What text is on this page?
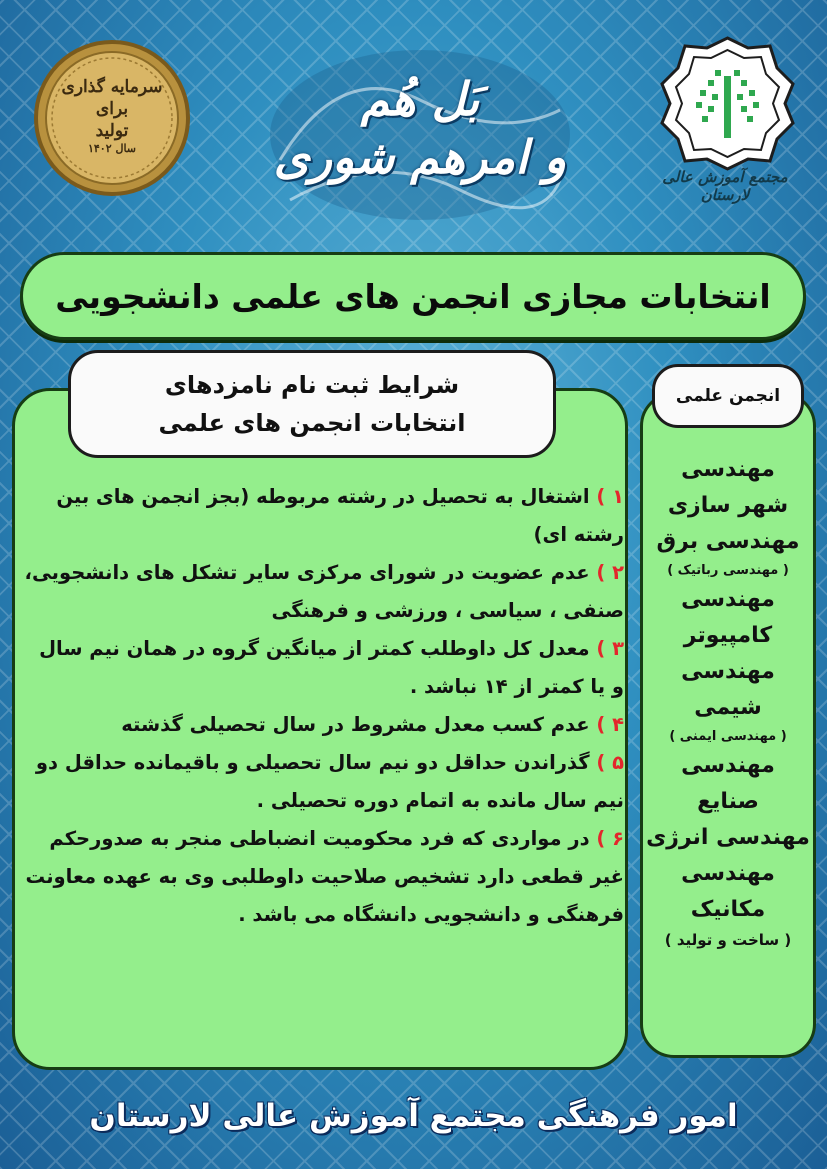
سرمایه گذاری
برای
تولید
سال ۱۴۰۲
بَل هُم
و امرهم شوری	مجتمع آموزش عالی لارستان
انتخابات مجازی انجمن های علمی دانشجویی
شرایط ثبت نام نامزدهای
انتخابات انجمن های علمی
۱ ) اشتغال به تحصیل در رشته مربوطه (بجز انجمن های بین رشته ای)
۲ ) عدم عضویت در شورای مرکزی سایر تشکل های دانشجویی، صنفی ، سیاسی ، ورزشی و فرهنگی
۳ ) معدل کل داوطلب کمتر از میانگین گروه در همان نیم سال و یا کمتر از ۱۴ نباشد .
۴ ) عدم کسب معدل مشروط در سال تحصیلی گذشته
۵ ) گذراندن حداقل دو نیم سال تحصیلی و باقیمانده حداقل دو نیم سال مانده به اتمام دوره تحصیلی .
۶ ) در مواردی که فرد محکومیت انضباطی منجر به صدورحکم غیر قطعی دارد تشخیص صلاحیت داوطلبی وی به عهده معاونت فرهنگی و دانشجویی دانشگاه می باشد .
انجمن علمی
مهندسی
شهر سازی
مهندسی برق
( مهندسی رباتیک )
مهندسی
کامپیوتر
مهندسی
شیمی
( مهندسی ایمنی )
مهندسی
صنایع
مهندسی انرژی
مهندسی
مکانیک
( ساخت و تولید )
امور فرهنگی مجتمع آموزش عالی لارستان
